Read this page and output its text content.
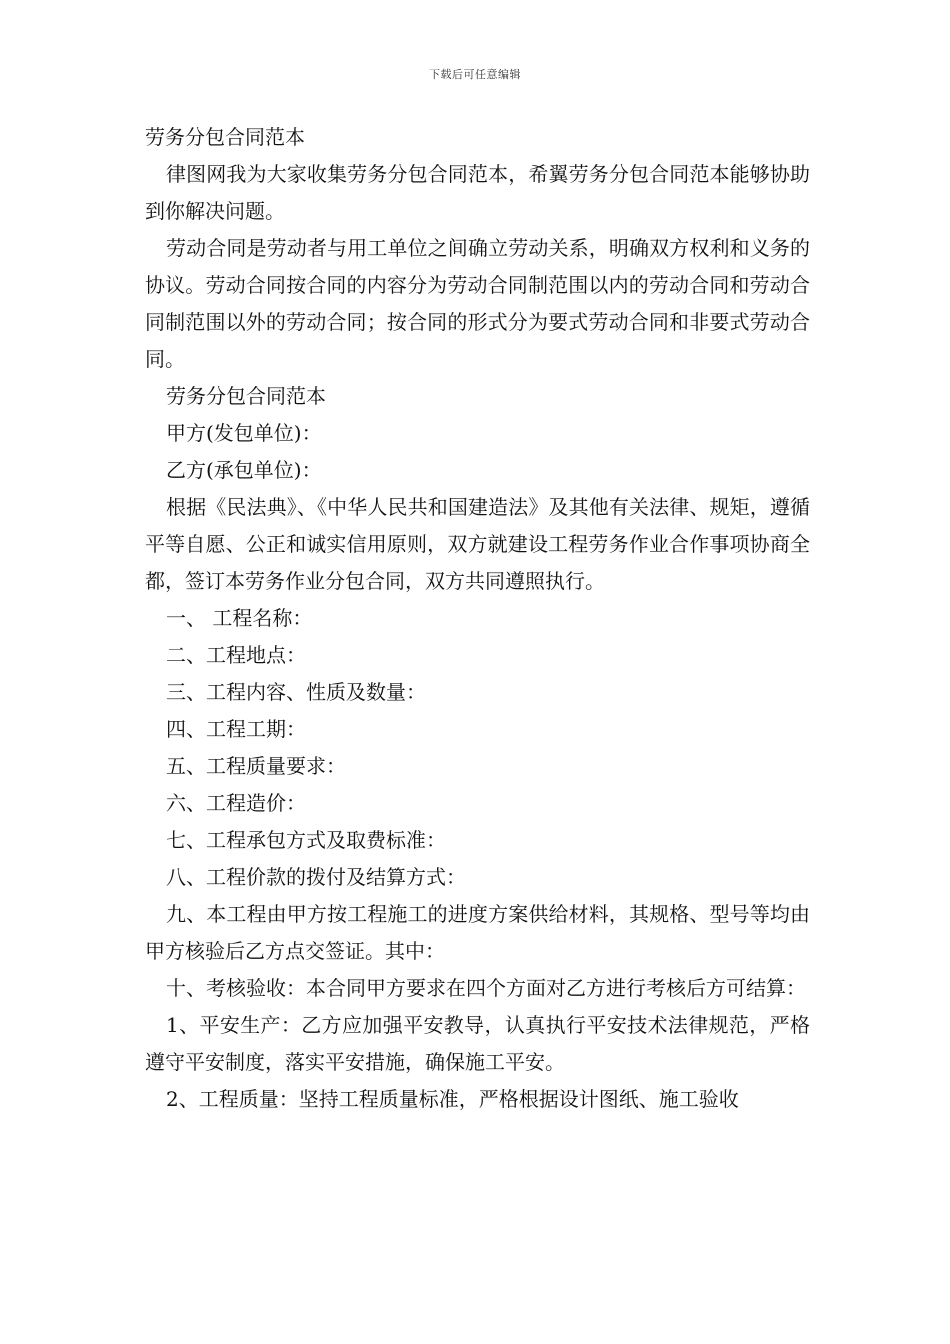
下载后可任意编辑

劳务分包合同范本

律图网我为大家收集劳务分包合同范本，希翼劳务分包合同范本能够协助到你解决问题。

劳动合同是劳动者与用工单位之间确立劳动关系，明确双方权利和义务的协议。劳动合同按合同的内容分为劳动合同制范围以内的劳动合同和劳动合同制范围以外的劳动合同；按合同的形式分为要式劳动合同和非要式劳动合同。

劳务分包合同范本

甲方(发包单位)：

乙方(承包单位)：

根据《民法典》、《中华人民共和国建造法》及其他有关法律、规矩，遵循平等自愿、公正和诚实信用原则，双方就建设工程劳务作业合作事项协商全都，签订本劳务作业分包合同，双方共同遵照执行。

一、 工程名称：

二、工程地点：

三、工程内容、性质及数量：

四、工程工期：

五、工程质量要求：

六、工程造价：

七、工程承包方式及取费标准：

八、工程价款的拨付及结算方式：

九、本工程由甲方按工程施工的进度方案供给材料，其规格、型号等均由甲方核验后乙方点交签证。其中：

十、考核验收：本合同甲方要求在四个方面对乙方进行考核后方可结算：

1、平安生产：乙方应加强平安教导，认真执行平安技术法律规范，严格遵守平安制度，落实平安措施，确保施工平安。

2、工程质量：坚持工程质量标准，严格根据设计图纸、施工验收
